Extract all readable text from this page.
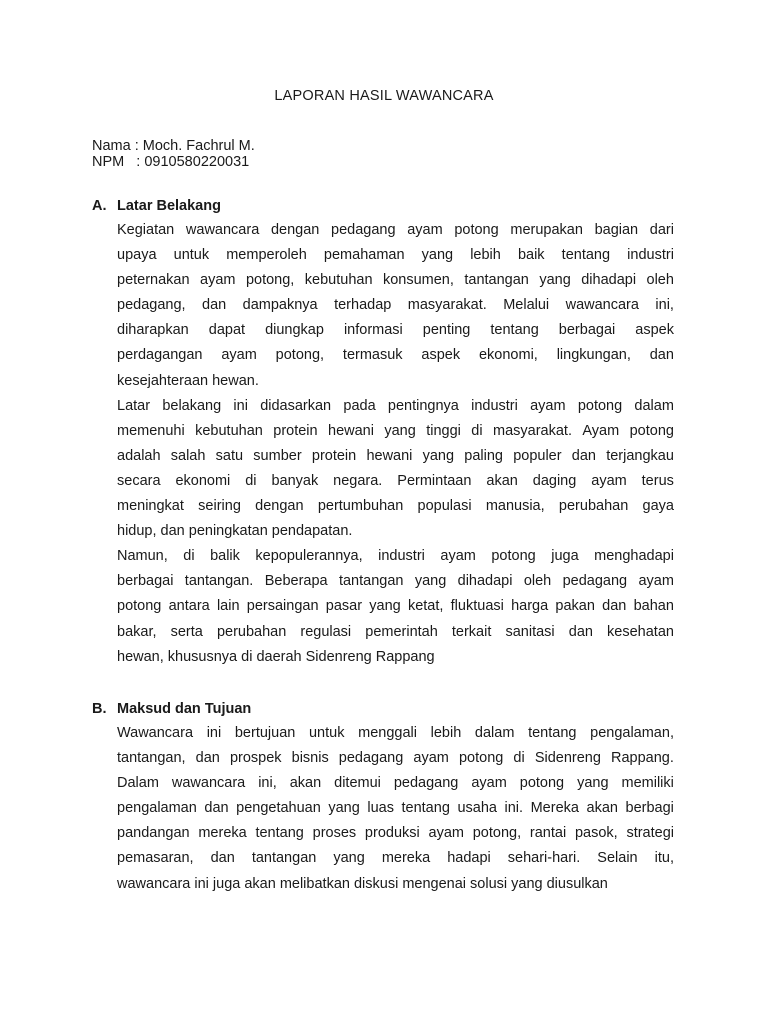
LAPORAN HASIL WAWANCARA
Nama : Moch. Fachrul M.
NPM   : 0910580220031
A. Latar Belakang
Kegiatan wawancara dengan pedagang ayam potong merupakan bagian dari
upaya untuk memperoleh pemahaman yang lebih baik tentang industri
peternakan ayam potong, kebutuhan konsumen, tantangan yang dihadapi oleh
pedagang, dan dampaknya terhadap masyarakat. Melalui wawancara ini,
diharapkan dapat diungkap informasi penting tentang berbagai aspek
perdagangan ayam potong, termasuk aspek ekonomi, lingkungan, dan
kesejahteraan hewan.
Latar belakang ini didasarkan pada pentingnya industri ayam potong dalam
memenuhi kebutuhan protein hewani yang tinggi di masyarakat. Ayam potong
adalah salah satu sumber protein hewani yang paling populer dan terjangkau
secara ekonomi di banyak negara. Permintaan akan daging ayam terus
meningkat seiring dengan pertumbuhan populasi manusia, perubahan gaya
hidup, dan peningkatan pendapatan.
Namun, di balik kepopulerannya, industri ayam potong juga menghadapi
berbagai tantangan. Beberapa tantangan yang dihadapi oleh pedagang ayam
potong antara lain persaingan pasar yang ketat, fluktuasi harga pakan dan bahan
bakar, serta perubahan regulasi pemerintah terkait sanitasi dan kesehatan
hewan, khususnya di daerah Sidenreng Rappang
B. Maksud dan Tujuan
Wawancara ini bertujuan untuk menggali lebih dalam tentang pengalaman,
tantangan, dan prospek bisnis pedagang ayam potong di Sidenreng Rappang.
Dalam wawancara ini, akan ditemui pedagang ayam potong yang memiliki
pengalaman dan pengetahuan yang luas tentang usaha ini. Mereka akan berbagi
pandangan mereka tentang proses produksi ayam potong, rantai pasok, strategi
pemasaran, dan tantangan yang mereka hadapi sehari-hari. Selain itu,
wawancara ini juga akan melibatkan diskusi mengenai solusi yang diusulkan
